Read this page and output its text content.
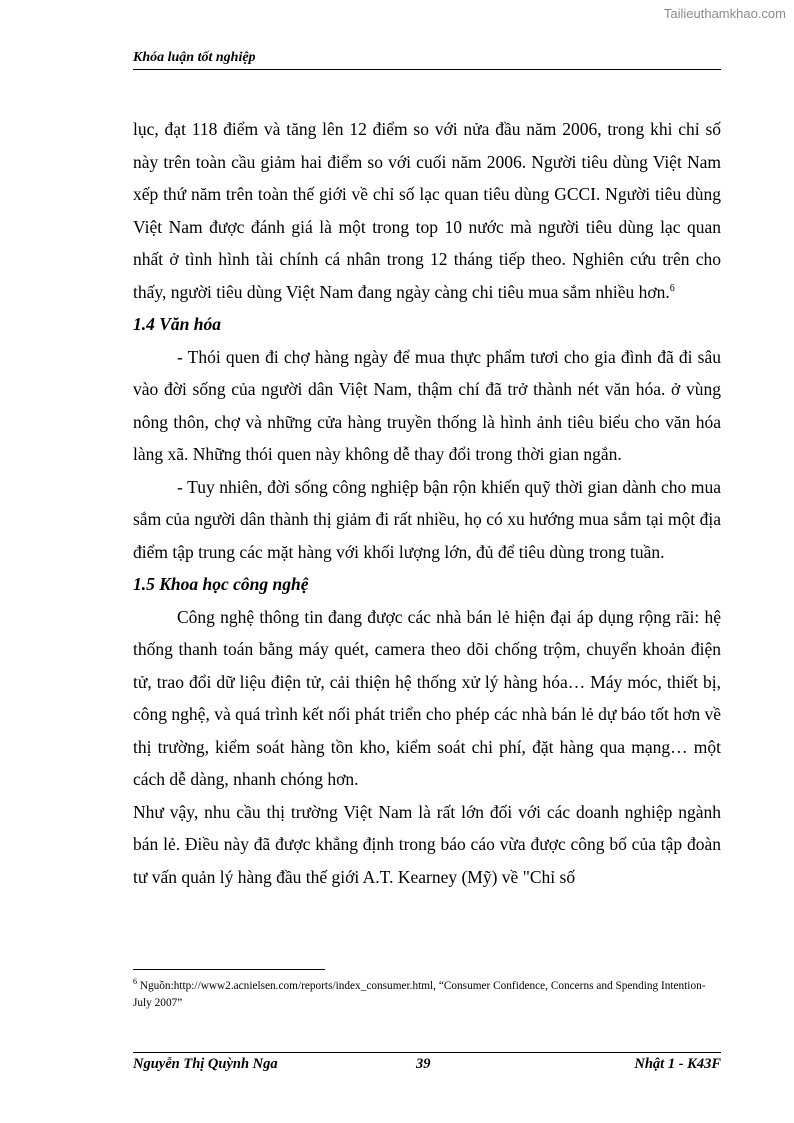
Tailieuthamkhao.com
Khóa luận tốt nghiệp

lục, đạt 118 điểm và tăng lên 12 điểm so với nửa đầu năm 2006, trong khi chỉ số này trên toàn cầu giảm hai điểm so với cuối năm 2006. Người tiêu dùng Việt Nam xếp thứ năm trên toàn thế giới về chỉ số lạc quan tiêu dùng GCCI. Người tiêu dùng Việt Nam được đánh giá là một trong top 10 nước mà người tiêu dùng lạc quan nhất ở tình hình tài chính cá nhân trong 12 tháng tiếp theo. Nghiên cứu trên cho thấy, người tiêu dùng Việt Nam đang ngày càng chi tiêu mua sắm nhiều hơn.$^6$

1.4 Văn hóa

- Thói quen đi chợ hàng ngày để mua thực phẩm tươi cho gia đình đã đi sâu vào đời sống của người dân Việt Nam, thậm chí đã trở thành nét văn hóa. ở vùng nông thôn, chợ và những cửa hàng truyền thống là hình ảnh tiêu biểu cho văn hóa làng xã. Những thói quen này không dễ thay đổi trong thời gian ngắn.

- Tuy nhiên, đời sống công nghiệp bận rộn khiến quỹ thời gian dành cho mua sắm của người dân thành thị giảm đi rất nhiều, họ có xu hướng mua sắm tại một địa điểm tập trung các mặt hàng với khối lượng lớn, đủ để tiêu dùng trong tuần.

1.5 Khoa học công nghệ

Công nghệ thông tin đang được các nhà bán lẻ hiện đại áp dụng rộng rãi: hệ thống thanh toán bằng máy quét, camera theo dõi chống trộm, chuyển khoản điện tử, trao đổi dữ liệu điện tử, cải thiện hệ thống xử lý hàng hóa… Máy móc, thiết bị, công nghệ, và quá trình kết nối phát triển cho phép các nhà bán lẻ dự báo tốt hơn về thị trường, kiểm soát hàng tồn kho, kiểm soát chi phí, đặt hàng qua mạng… một cách dễ dàng, nhanh chóng hơn.

Như vậy, nhu cầu thị trường Việt Nam là rất lớn đối với các doanh nghiệp ngành bán lẻ. Điều này đã được khẳng định trong báo cáo vừa được công bố của tập đoàn tư vấn quản lý hàng đầu thế giới A.T. Kearney (Mỹ) về "Chỉ số

$^6$ Nguồn:http://www2.acnielsen.com/reports/index_consumer.html, “Consumer Confidence, Concerns and Spending Intention- July 2007”
Nguyễn Thị Quỳnh Nga	39	Nhật 1 - K43F
